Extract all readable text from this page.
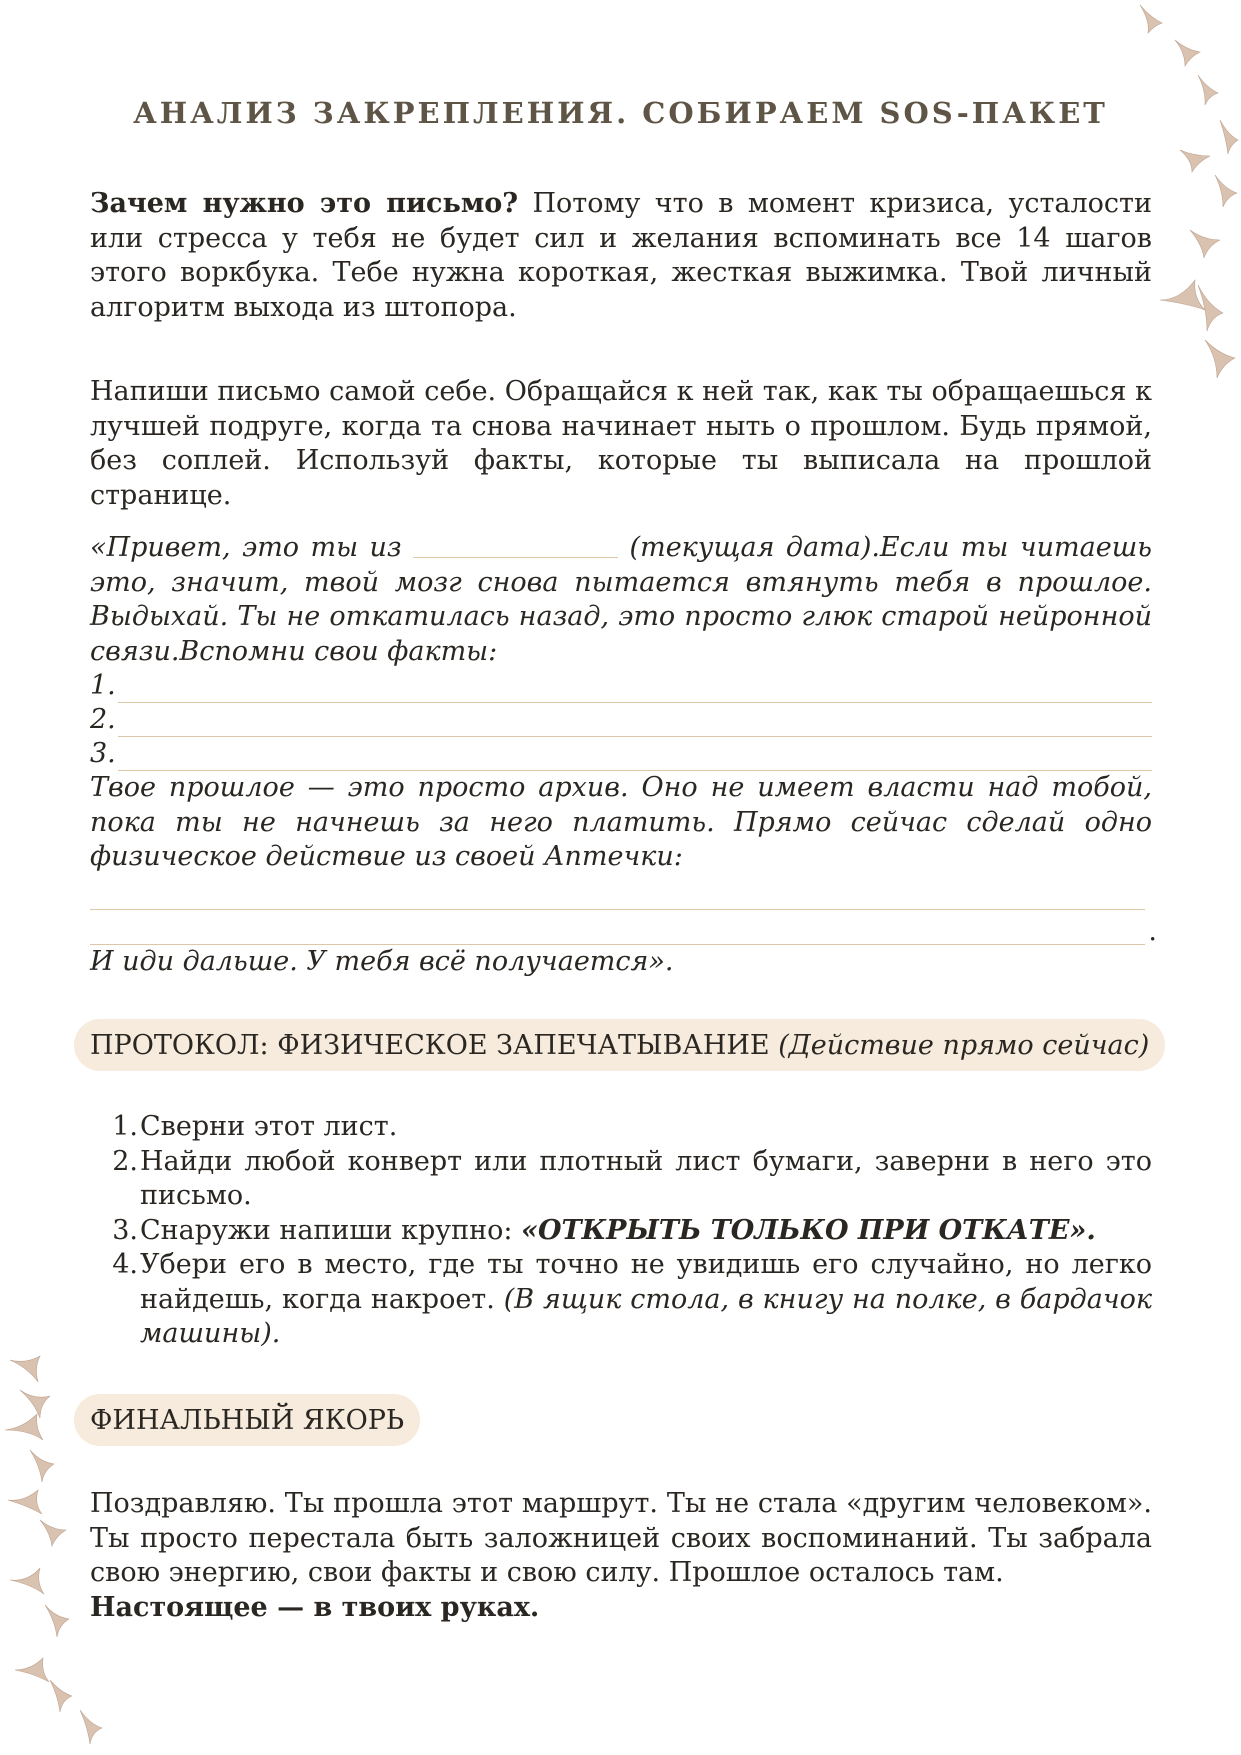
АНАЛИЗ ЗАКРЕПЛЕНИЯ. СОБИРАЕМ SOS-ПАКЕТ

Зачем нужно это письмо? Потому что в момент кризиса, усталости или стресса у тебя не будет сил и желания вспоминать все 14 шагов этого воркбука. Тебе нужна короткая, жесткая выжимка. Твой личный алгоритм выхода из штопора.

Напиши письмо самой себе. Обращайся к ней так, как ты обращаешься к лучшей подруге, когда та снова начинает ныть о прошлом. Будь прямой, без соплей. Используй факты, которые ты выписала на прошлой странице.

«Привет, это ты из	(текущая дата).Если ты читаешь это, значит, твой мозг снова пытается втянуть тебя в прошлое. Выдыхай. Ты не откатилась назад, это просто глюк старой нейронной связи.Вспомни свои факты:
1.
2.
3.
Твое прошлое — это просто архив. Оно не имеет власти над тобой, пока ты не начнешь за него платить. Прямо сейчас сделай одно физическое действие из своей Аптечки:
.
И иди дальше. У тебя всё получается».
ПРОТОКОЛ: ФИЗИЧЕСКОЕ ЗАПЕЧАТЫВАНИЕ
(Действие прямо сейчас)
1. Сверни этот лист.
2. Найди любой конверт или плотный лист бумаги, заверни в него это письмо.
3. Снаружи напиши крупно: «ОТКРЫТЬ ТОЛЬКО ПРИ ОТКАТЕ».
4. Убери его в место, где ты точно не увидишь его случайно, но легко найдешь, когда накроет. (В ящик стола, в книгу на полке, в бардачок машины).
ФИНАЛЬНЫЙ ЯКОРЬ

Поздравляю. Ты прошла этот маршрут. Ты не стала «другим человеком». Ты просто перестала быть заложницей своих воспоминаний. Ты забрала свою энергию, свои факты и свою силу. Прошлое осталось там.
Настоящее — в твоих руках.
